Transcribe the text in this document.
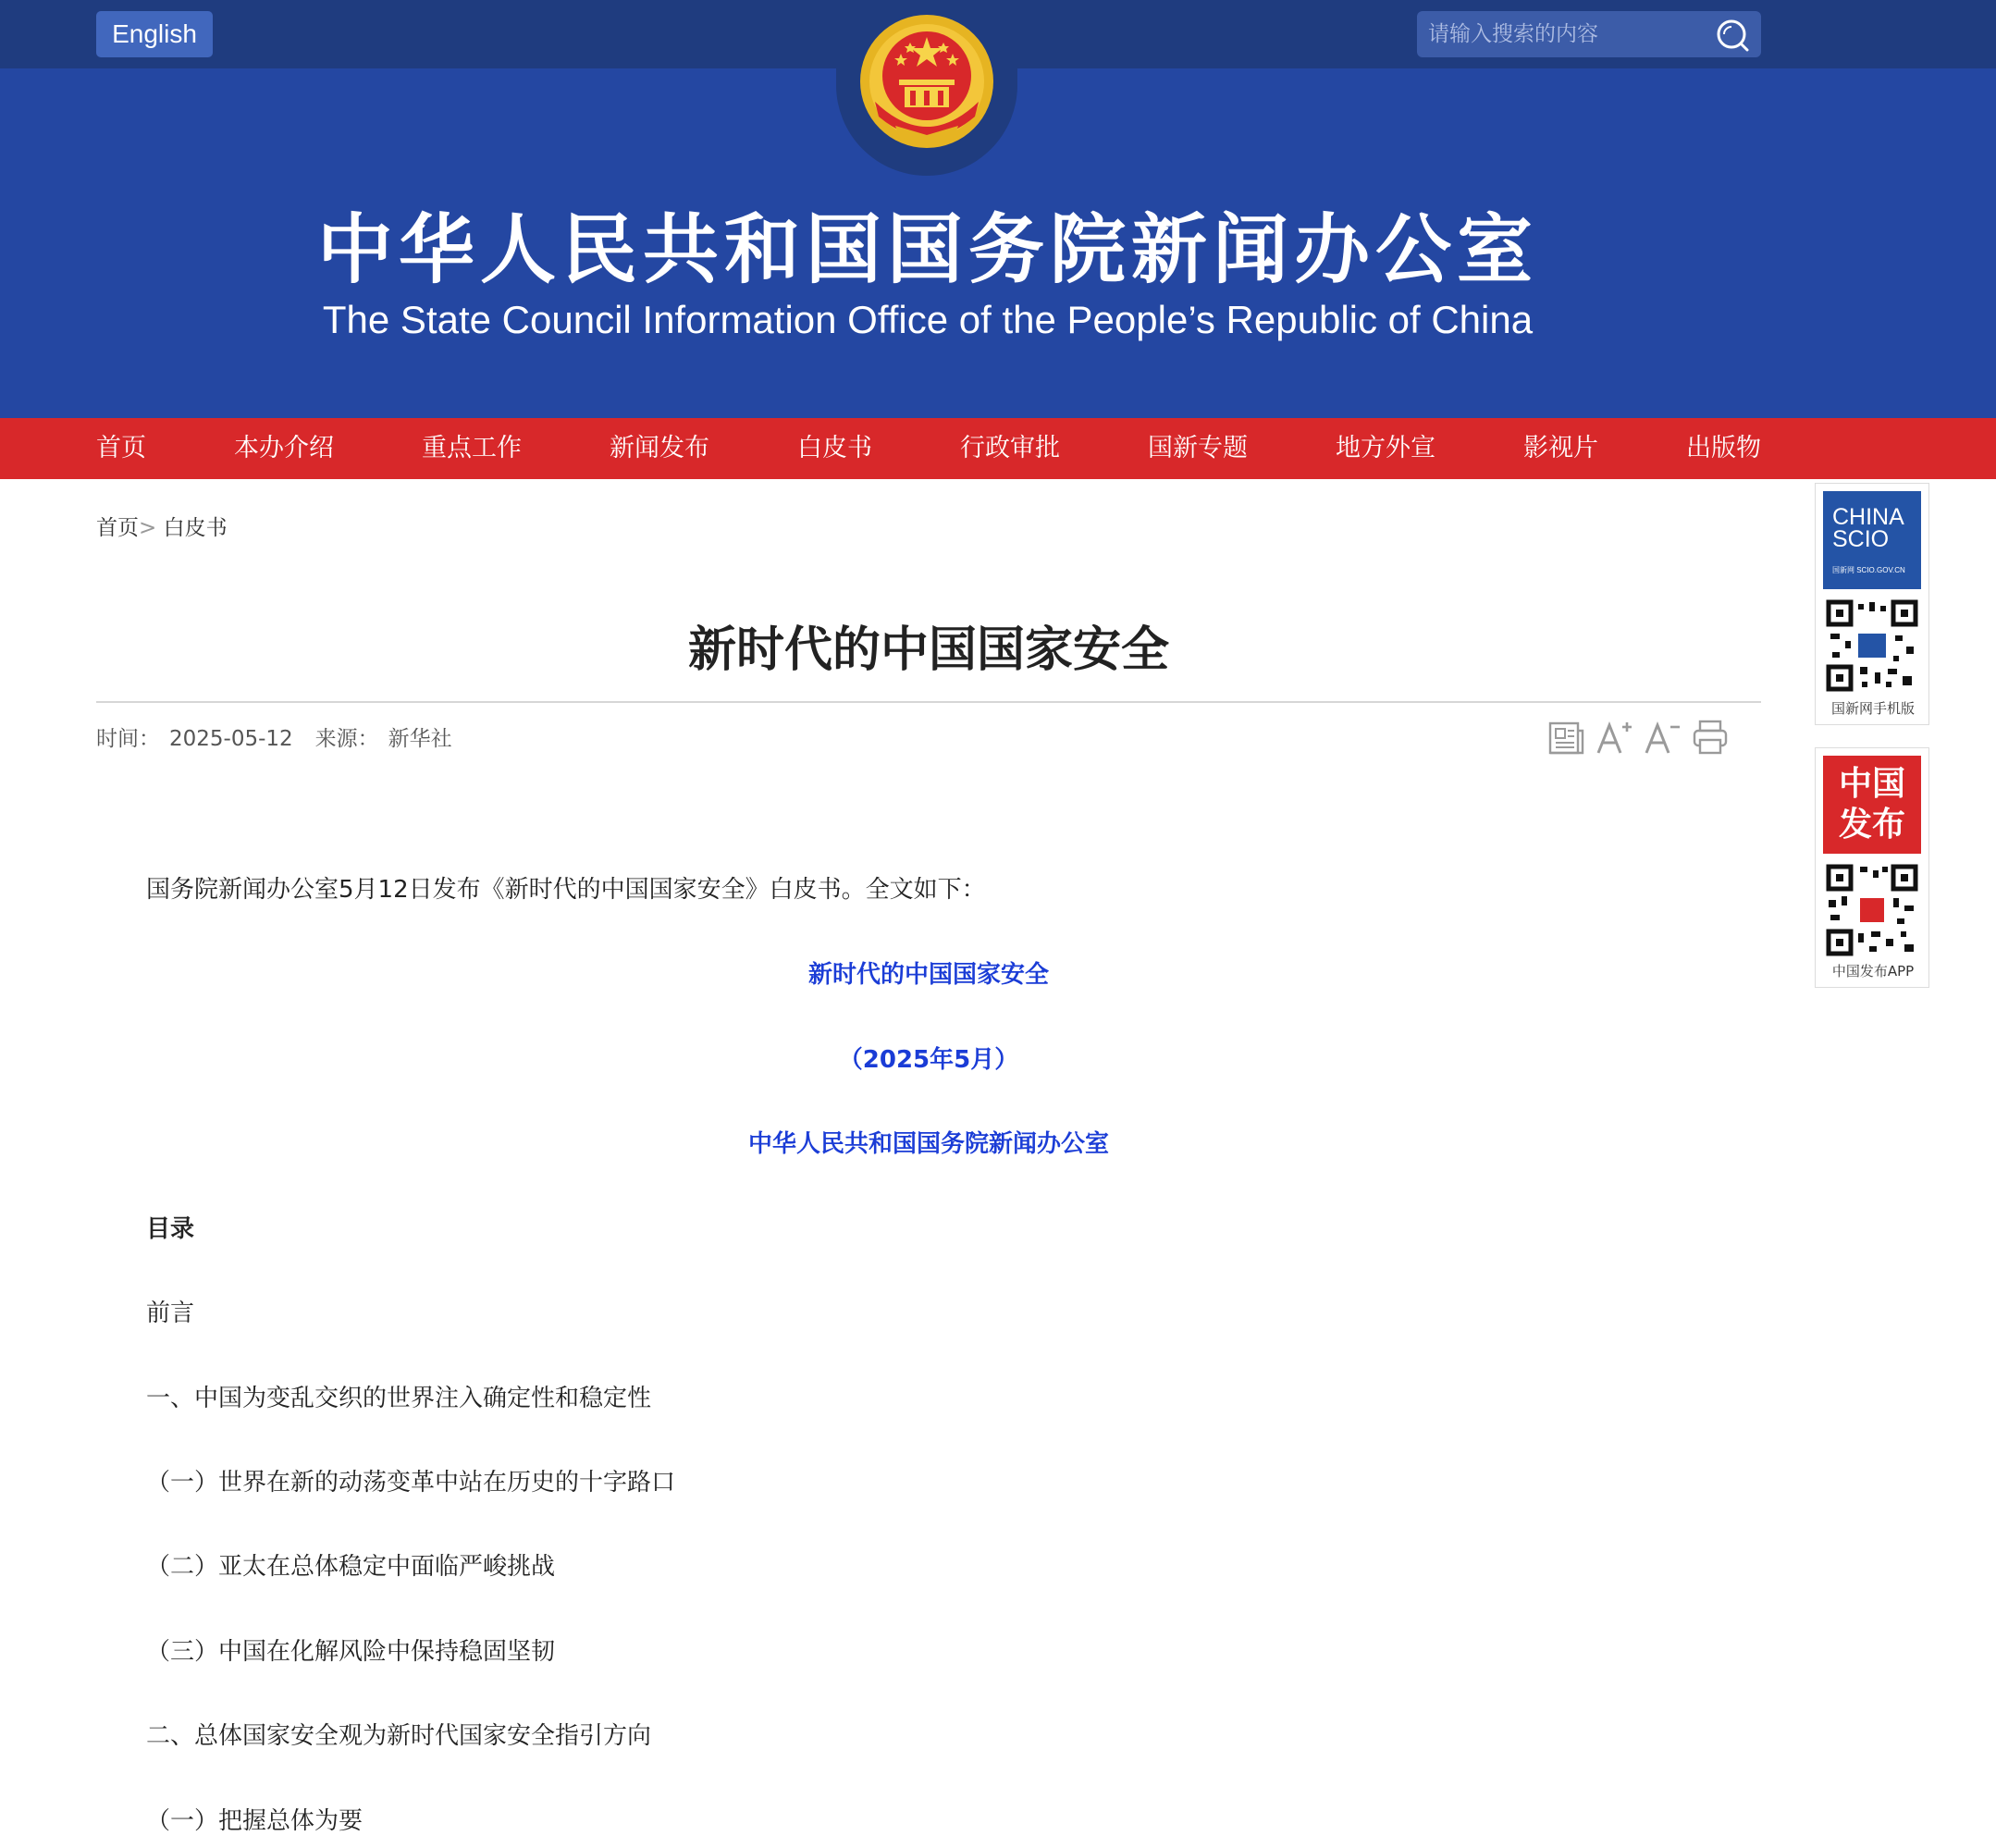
English
请输入搜索的内容
中华人民共和国国务院新闻办公室
The State Council Information Office of the People’s Republic of China
首页	本办介绍	重点工作	新闻发布	白皮书	行政审批	国新专题	地方外宣	影视片	出版物
首页> 白皮书
新时代的中国国家安全
时间： 2025-05-12 来源： 新华社
国务院新闻办公室5月12日发布《新时代的中国国家安全》白皮书。全文如下：
新时代的中国国家安全
（2025年5月）
中华人民共和国国务院新闻办公室
目录
前言
一、中国为变乱交织的世界注入确定性和稳定性
（一）世界在新的动荡变革中站在历史的十字路口
（二）亚太在总体稳定中面临严峻挑战
（三）中国在化解风险中保持稳固坚韧
二、总体国家安全观为新时代国家安全指引方向
（一）把握总体为要
CHINA
SCIO
国新网 SCIO.GOV.CN
国新网手机版
中国
发布
中国发布APP
